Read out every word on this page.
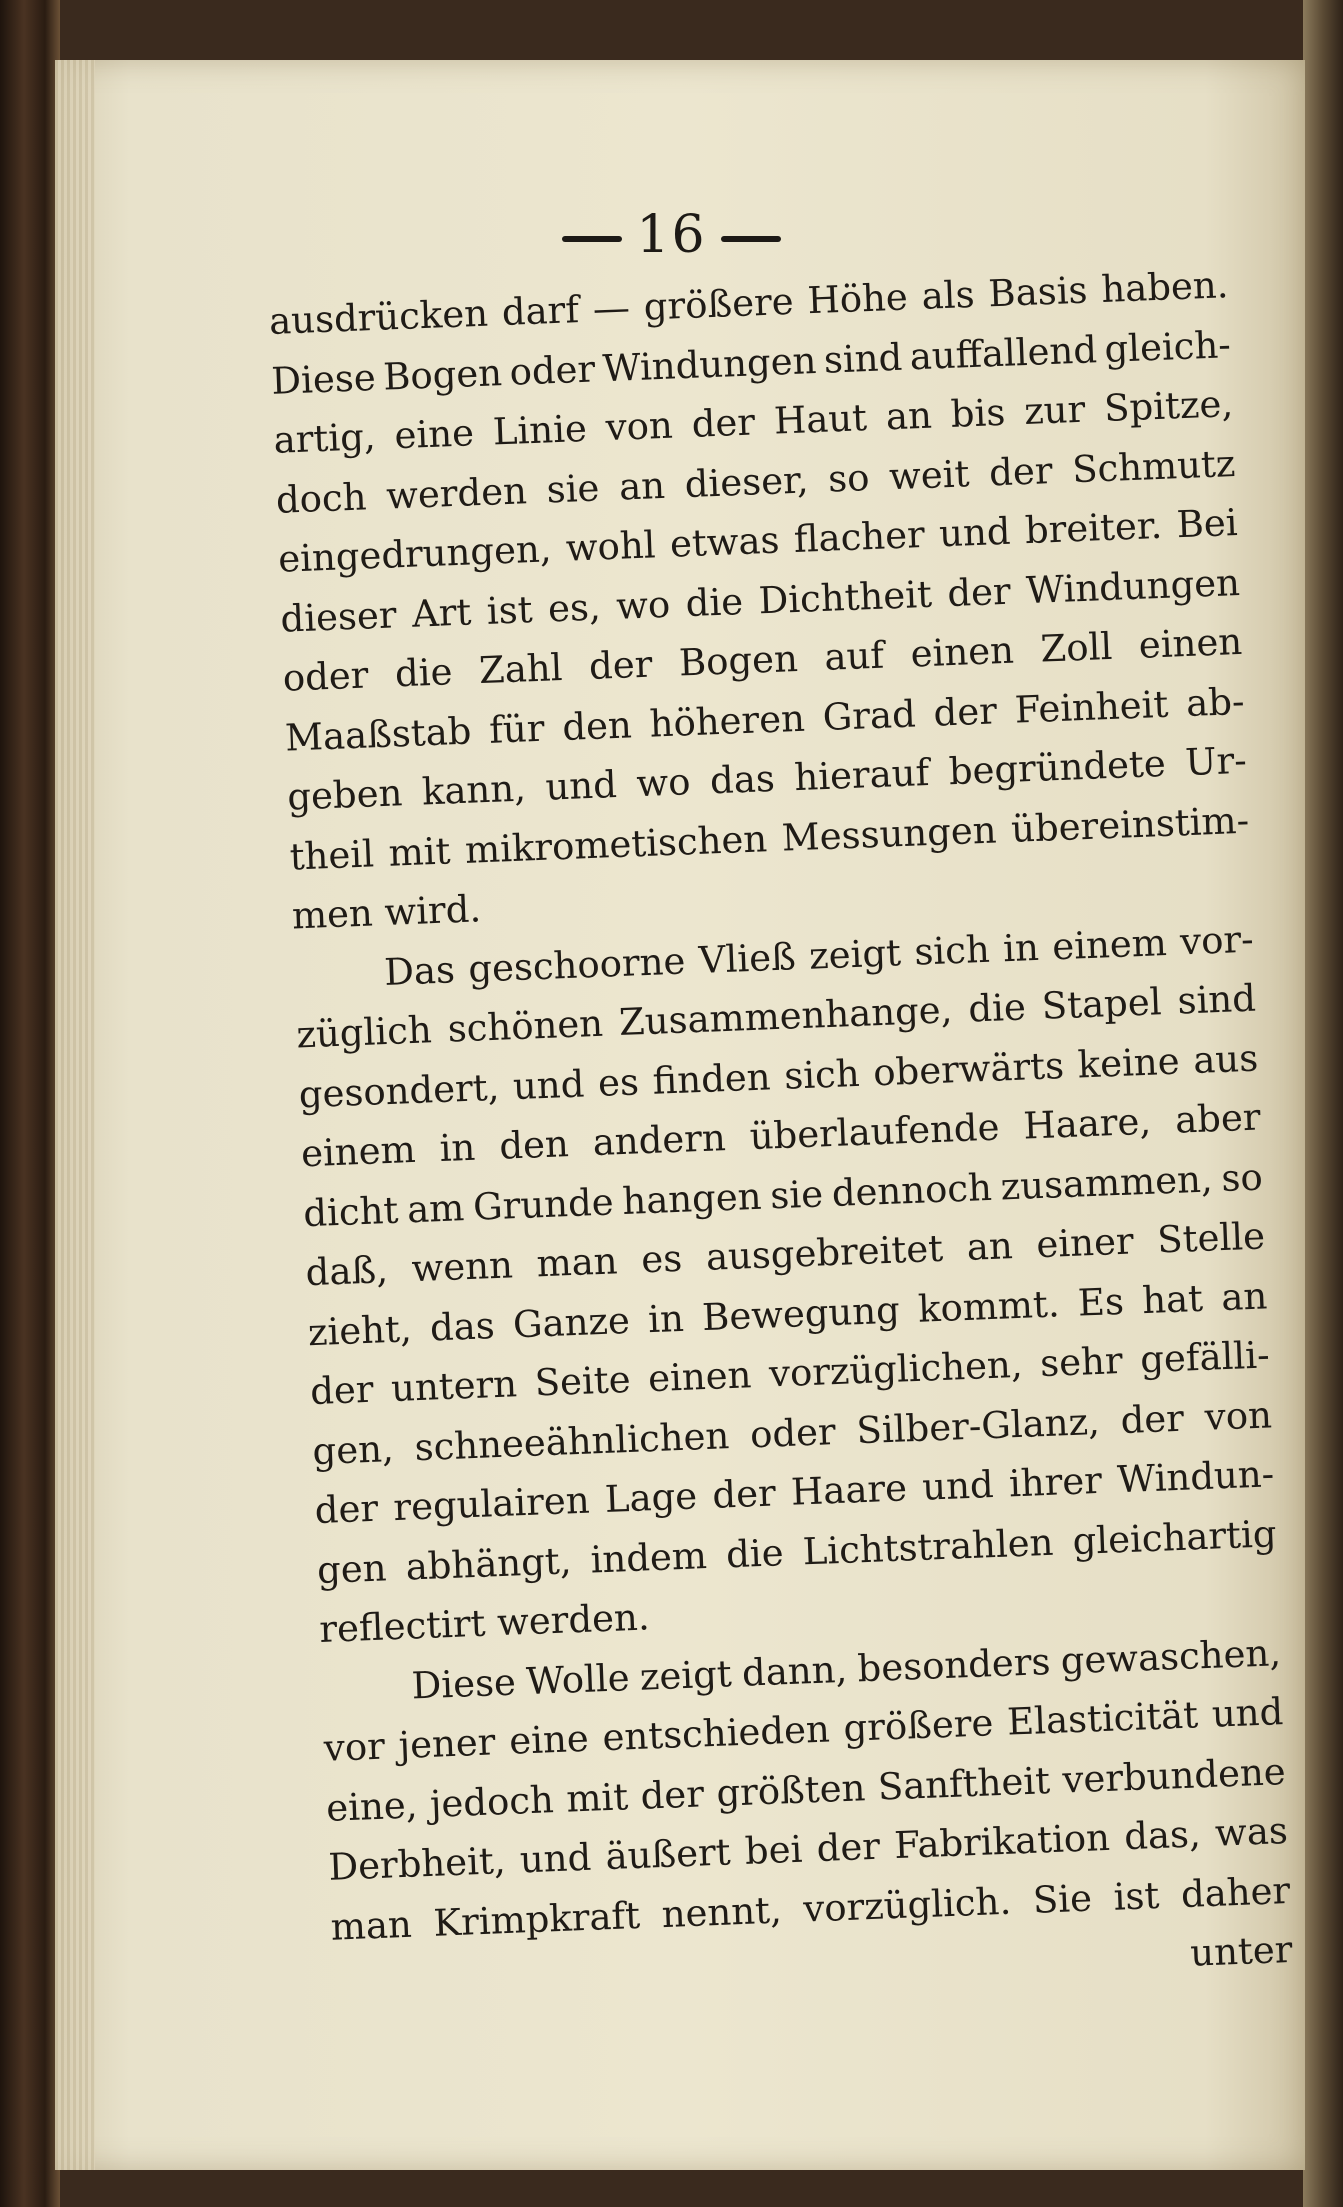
16
ausdrücken darf — größere Höhe als Basis haben.
Diese Bogen oder Windungen sind auffallend gleich-
artig, eine Linie von der Haut an bis zur Spitze,
doch werden sie an dieser, so weit der Schmutz
eingedrungen, wohl etwas flacher und breiter. Bei
dieser Art ist es, wo die Dichtheit der Windungen
oder die Zahl der Bogen auf einen Zoll einen
Maaßstab für den höheren Grad der Feinheit ab-
geben kann, und wo das hierauf begründete Ur-
theil mit mikrometischen Messungen übereinstim-
men wird.
Das geschoorne Vließ zeigt sich in einem vor-
züglich schönen Zusammenhange, die Stapel sind
gesondert, und es finden sich oberwärts keine aus
einem in den andern überlaufende Haare, aber
dicht am Grunde hangen sie dennoch zusammen, so
daß, wenn man es ausgebreitet an einer Stelle
zieht, das Ganze in Bewegung kommt. Es hat an
der untern Seite einen vorzüglichen, sehr gefälli-
gen, schneeähnlichen oder Silber-Glanz, der von
der regulairen Lage der Haare und ihrer Windun-
gen abhängt, indem die Lichtstrahlen gleichartig
reflectirt werden.
Diese Wolle zeigt dann, besonders gewaschen,
vor jener eine entschieden größere Elasticität und
eine, jedoch mit der größten Sanftheit verbundene
Derbheit, und äußert bei der Fabrikation das, was
man Krimpkraft nennt, vorzüglich. Sie ist daher
unter
